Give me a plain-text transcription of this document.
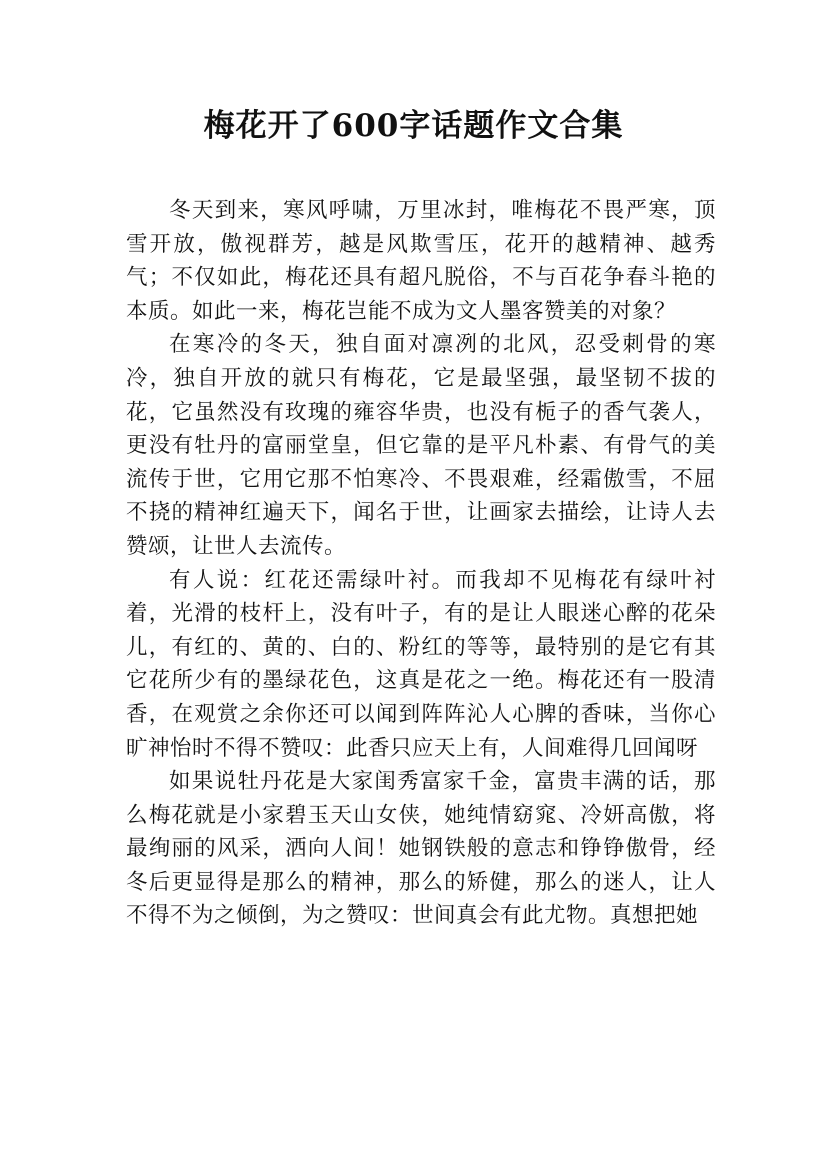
梅花开了600字话题作文合集

冬天到来，寒风呼啸，万里冰封，唯梅花不畏严寒，顶雪开放，傲视群芳，越是风欺雪压，花开的越精神、越秀气；不仅如此，梅花还具有超凡脱俗，不与百花争春斗艳的本质。如此一来，梅花岂能不成为文人墨客赞美的对象？

在寒冷的冬天，独自面对凛冽的北风，忍受刺骨的寒冷，独自开放的就只有梅花，它是最坚强，最坚韧不拔的花，它虽然没有玫瑰的雍容华贵，也没有栀子的香气袭人，更没有牡丹的富丽堂皇，但它靠的是平凡朴素、有骨气的美流传于世，它用它那不怕寒冷、不畏艰难，经霜傲雪，不屈不挠的精神红遍天下，闻名于世，让画家去描绘，让诗人去赞颂，让世人去流传。

有人说：红花还需绿叶衬。而我却不见梅花有绿叶衬着，光滑的枝杆上，没有叶子，有的是让人眼迷心醉的花朵儿，有红的、黄的、白的、粉红的等等，最特别的是它有其它花所少有的墨绿花色，这真是花之一绝。梅花还有一股清香，在观赏之余你还可以闻到阵阵沁人心脾的香味，当你心旷神怡时不得不赞叹：此香只应天上有，人间难得几回闻呀

如果说牡丹花是大家闺秀富家千金，富贵丰满的话，那么梅花就是小家碧玉天山女侠，她纯情窈窕、冷妍高傲，将最绚丽的风采，洒向人间！她钢铁般的意志和铮铮傲骨，经冬后更显得是那么的精神，那么的矫健，那么的迷人，让人不得不为之倾倒，为之赞叹：世间真会有此尤物。真想把她
